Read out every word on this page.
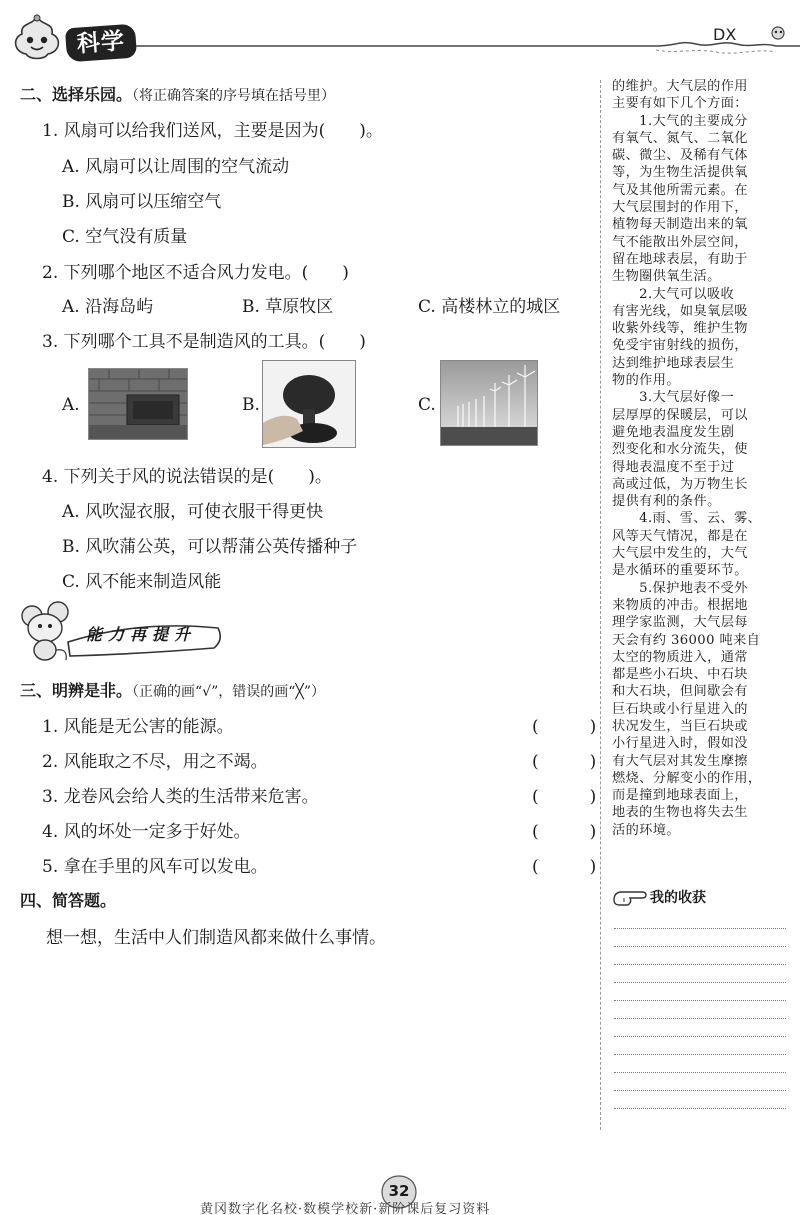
科学	DX

二、选择乐园。（将正确答案的序号填在括号里）

1. 风扇可以给我们送风，主要是因为(　　)。

A. 风扇可以让周围的空气流动

B. 风扇可以压缩空气

C. 空气没有质量

2. 下列哪个地区不适合风力发电。(　　)

A. 沿海岛屿	B. 草原牧区	C. 高楼林立的城区

3. 下列哪个工具不是制造风的工具。(　　)

A.	B.	C.

4. 下列关于风的说法错误的是(　　)。

A. 风吹湿衣服，可使衣服干得更快

B. 风吹蒲公英，可以帮蒲公英传播种子

C. 风不能来制造风能

三、明辨是非。（正确的画“√”，错误的画“╳”）

1. 风能是无公害的能源。	(　　　)

2. 风能取之不尽，用之不竭。	(　　　)

3. 龙卷风会给人类的生活带来危害。	(　　　)

4. 风的坏处一定多于好处。	(　　　)

5. 拿在手里的风车可以发电。	(　　　)

四、简答题。

想一想，生活中人们制造风都来做什么事情。

能力再提升
的维护。大气层的作用
主要有如下几个方面：
　　1.大气的主要成分
有氧气、氮气、二氧化
碳、微尘、及稀有气体
等，为生物生活提供氧
气及其他所需元素。在
大气层围封的作用下，
植物每天制造出来的氧
气不能散出外层空间，
留在地球表层，有助于
生物圈供氧生活。
　　2.大气可以吸收
有害光线，如臭氧层吸
收紫外线等，维护生物
免受宇宙射线的损伤，
达到维护地球表层生
物的作用。
　　3.大气层好像一
层厚厚的保暖层，可以
避免地表温度发生剧
烈变化和水分流失，使
得地表温度不至于过
高或过低，为万物生长
提供有利的条件。
　　4.雨、雪、云、雾、
风等天气情况，都是在
大气层中发生的，大气
是水循环的重要环节。
　　5.保护地表不受外
来物质的冲击。根据地
理学家监测，大气层每
天会有约 36000 吨来自
太空的物质进入，通常
都是些小石块、中石块
和大石块，但间歇会有
巨石块或小行星进入的
状况发生，当巨石块或
小行星进入时，假如没
有大气层对其发生摩擦
燃烧、分解变小的作用，
而是撞到地球表面上，
地表的生物也将失去生
活的环境。
我的收获
32
黄冈数字化名校·数模学校新·新阶课后复习资料
